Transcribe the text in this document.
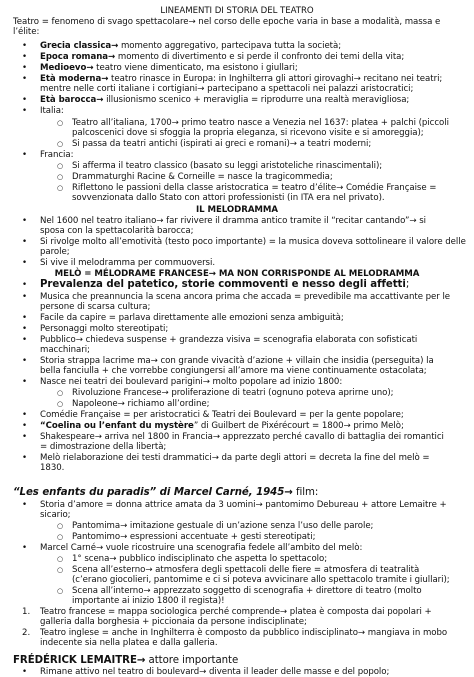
LINEAMENTI DI STORIA DEL TEATRO
Teatro = fenomeno di svago spettacolare→ nel corso delle epoche varia in base a modalità, massa e
l’élite:
•
Grecia classica→ momento aggregativo, partecipava tutta la società;
•
Epoca romana→ momento di divertimento e si perde il confronto dei temi della vita;
•
Medioevo→ teatro viene dimenticato, ma esistono i giullari;
•
Età moderna→ teatro rinasce in Europa: in Inghilterra gli attori girovaghi→ recitano nei teatri;
mentre nelle corti italiane i cortigiani→ partecipano a spettacoli nei palazzi aristocratici;
•
Età barocca→ illusionismo scenico + meraviglia = riprodurre una realtà meravigliosa;
•
Italia:
○
Teatro all’italiana, 1700→ primo teatro nasce a Venezia nel 1637: platea + palchi (piccoli
palcoscenici dove si sfoggia la propria eleganza, si ricevono visite e si amoreggia);
○
Si passa da teatri antichi (ispirati ai greci e romani)→ a teatri moderni;
•
Francia:
○
Si afferma il teatro classico (basato su leggi aristoteliche rinascimentali);
○
Drammaturghi Racine & Corneille = nasce la tragicommedia;
○
Riflettono le passioni della classe aristocratica = teatro d’élite→ Comédie Française =
sovvenzionata dallo Stato con attori professionisti (in ITA era nel privato).
IL MELODRAMMA
•
Nel 1600 nel teatro italiano→ far rivivere il dramma antico tramite il “recitar cantando”→ si
sposa con la spettacolarità barocca;
•
Si rivolge molto all’emotività (testo poco importante) = la musica doveva sottolineare il valore delle
parole;
•
Si vive il melodramma per commuoversi.
MELÒ = MÉLODRAME FRANCESE→ MA NON CORRISPONDE AL MELODRAMMA
•
Prevalenza del patetico, storie commoventi e nesso degli affetti;
•
Musica che preannuncia la scena ancora prima che accada = prevedibile ma accattivante per le
persone di scarsa cultura;
•
Facile da capire = parlava direttamente alle emozioni senza ambiguità;
•
Personaggi molto stereotipati;
•
Pubblico→ chiedeva suspense + grandezza visiva = scenografia elaborata con sofisticati
macchinari;
•
Storia strappa lacrime ma→ con grande vivacità d’azione + villain che insidia (perseguita) la
bella fanciulla + che vorrebbe congiungersi all’amore ma viene continuamente ostacolata;
•
Nasce nei teatri dei boulevard parigini→ molto popolare ad inizio 1800:
○
Rivoluzione Francese→ proliferazione di teatri (ognuno poteva aprirne uno);
○
Napoleone→ richiamo all’ordine;
•
Comédie Française = per aristocratici & Teatri dei Boulevard = per la gente popolare;
•
“Coelina ou l’enfant du mystère” di Guilbert de Pixérécourt = 1800→ primo Melò;
•
Shakespeare→ arriva nel 1800 in Francia→ apprezzato perché cavallo di battaglia dei romantici
= dimostrazione della libertà;
•
Melò rielaborazione dei testi drammatici→ da parte degli attori = decreta la fine del melò =
1830.
“Les enfants du paradis” di Marcel Carné, 1945→ film:
•
Storia d’amore = donna attrice amata da 3 uomini→ pantomimo Debureau + attore Lemaitre +
sicario;
○
Pantomima→ imitazione gestuale di un’azione senza l’uso delle parole;
○
Pantomimo→ espressioni accentuate + gesti stereotipati;
•
Marcel Carné→ vuole ricostruire una scenografia fedele all’ambito del melò:
○
1° scena→ pubblico indisciplinato che aspetta lo spettacolo;
○
Scena all’esterno→ atmosfera degli spettacoli delle fiere = atmosfera di teatralità
(c’erano giocolieri, pantomime e ci si poteva avvicinare allo spettacolo tramite i giullari);
○
Scena all’interno→ apprezzato soggetto di scenografia + direttore di teatro (molto
importante ai inizio 1800 il regista)!
1. Teatro francese = mappa sociologica perché comprende→ platea è composta dai popolari +
galleria dalla borghesia + piccionaia da persone indisciplinate;
2. Teatro inglese = anche in Inghilterra è composto da pubblico indisciplinato→ mangiava in mobo
indecente sia nella platea e dalla galleria.
FRÉDÉRICK LEMAITRE→ attore importante
•
Rimane attivo nel teatro di boulevard→ diventa il leader delle masse e del popolo;
